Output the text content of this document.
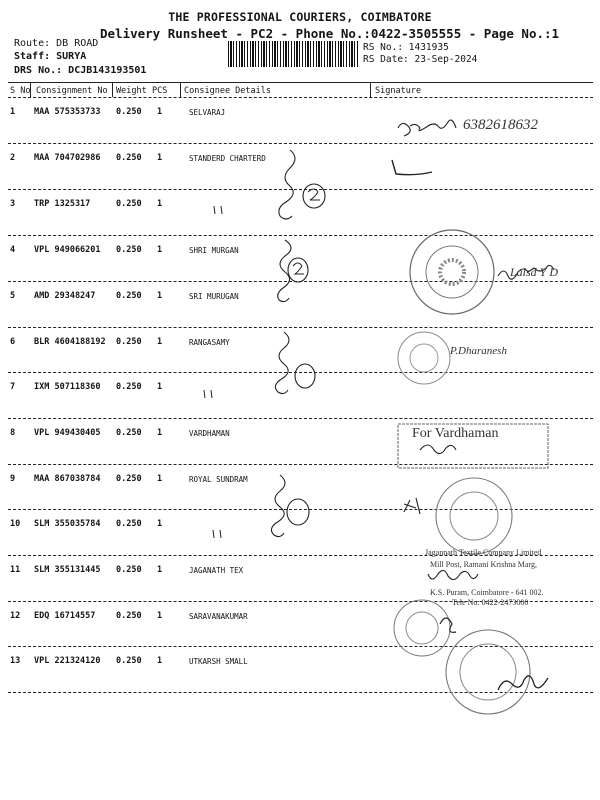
THE PROFESSIONAL COURIERS, COIMBATORE
Delivery Runsheet - PC2 - Phone No.:0422-3505555 - Page No.:1
Route: DB ROAD
Staff: SURYA
DRS No.: DCJB143193501
RS No.: 1431935
RS Date: 23-Sep-2024
S No Consignment No Weight PCS Consignee Details	Signature
1 MAA 575353733 0.250 1	SELVARAJ
2 MAA 704702986 0.250 1	STANDERD CHARTERD
3 TRP 1325317	0.250 1
4 VPL 949066201 0.250 1	SHRI MURGAN
5 AMD 29348247 0.250 1	SRI MURUGAN
6 BLR 4604188192 0.250 1	RANGASAMY
7 IXM 507118360 0.250 1
8 VPL 949430405 0.250 1	VARDHAMAN
9 MAA 867038784 0.250 1	ROYAL SUNDRAM
10 SLM 355035784 0.250 1
11 SLM 355131445 0.250 1	JAGANATH TEX
12 EDQ 16714557 0.250 1	SARAVANAKUMAR
13 VPL 221324120 0.250 1	UTKARSH SMALL
6382618632
Lalsd Y D
P.Dharanesh
For Vardhaman
Jagannath Textile Company Limited
Mill Post, Ramani Krishna Marg,
K.S. Puram, Coimbatore - 641 002.
Tele No: 0422-2473000
